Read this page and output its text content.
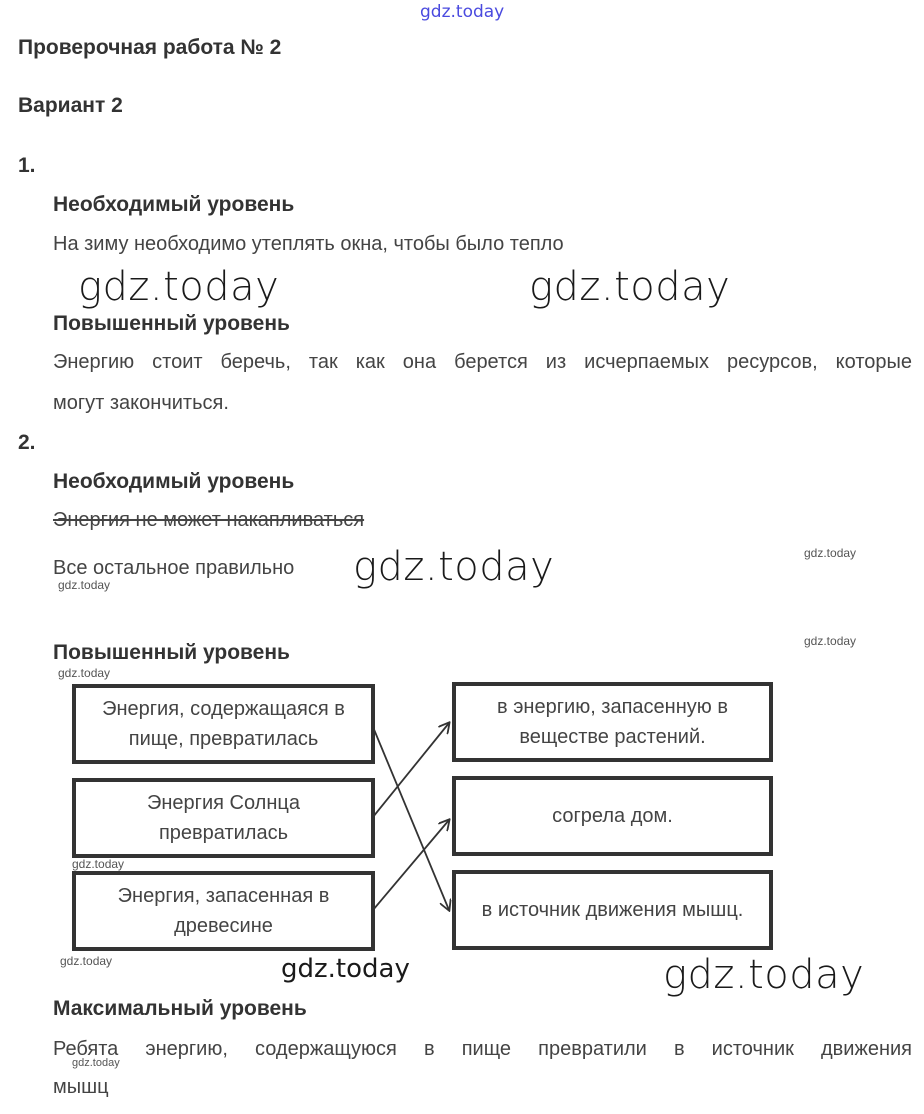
gdz.today
Проверочная работа № 2
Вариант 2
1.
Необходимый уровень
На зиму необходимо утеплять окна, чтобы было тепло
gdz.today	gdz.today
Повышенный уровень
Энергию стоит беречь, так как она берется из исчерпаемых ресурсов, которые
могут закончиться.
2.
Необходимый уровень
Энергия не может накапливаться
Все остальное правильно
gdz.today	gdz.today	gdz.today
gdz.today
Повышенный уровень
gdz.today
Энергия, содержащаяся в пище, превратилась
Энергия Солнца превратилась
Энергия, запасенная в древесине
в энергию, запасенную в веществе растений.
согрела дом.
в источник движения мышц.
gdz.today
gdz.today	gdz.today	gdz.today
Максимальный уровень
Ребята энергию, содержащуюся в пище превратили в источник движения
gdz.today
мышц
